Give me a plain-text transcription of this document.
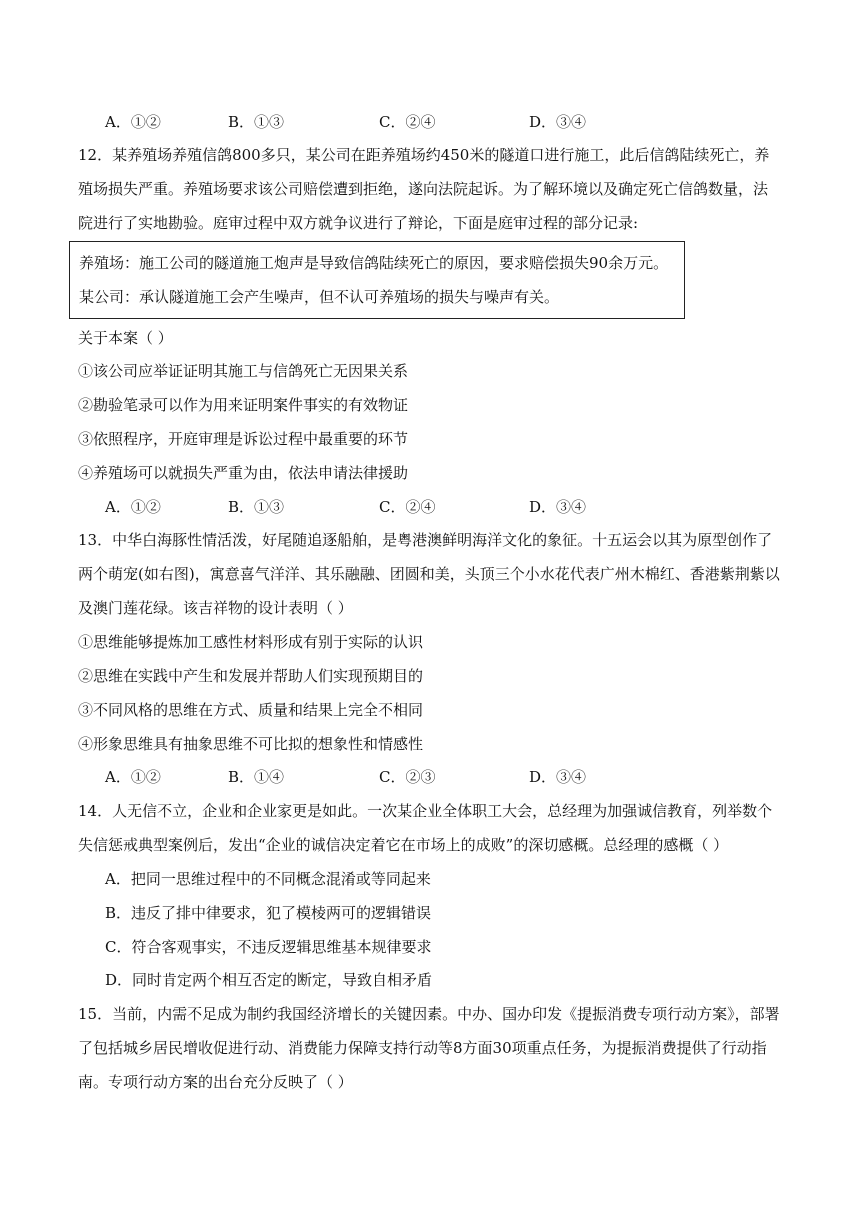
A．①②	B．①③	C．②④	D．③④
12．某养殖场养殖信鸽800多只，某公司在距养殖场约450米的隧道口进行施工，此后信鸽陆续死亡，养
殖场损失严重。养殖场要求该公司赔偿遭到拒绝，遂向法院起诉。为了解环境以及确定死亡信鸽数量，法
院进行了实地勘验。庭审过程中双方就争议进行了辩论，下面是庭审过程的部分记录:
养殖场：施工公司的隧道施工炮声是导致信鸽陆续死亡的原因，要求赔偿损失90余万元。
某公司：承认隧道施工会产生噪声，但不认可养殖场的损失与噪声有关。
关于本案（ ）
①该公司应举证证明其施工与信鸽死亡无因果关系
②勘验笔录可以作为用来证明案件事实的有效物证
③依照程序，开庭审理是诉讼过程中最重要的环节
④养殖场可以就损失严重为由，依法申请法律援助
A．①②	B．①③	C．②④	D．③④
13．中华白海豚性情活泼，好尾随追逐船舶，是粤港澳鲜明海洋文化的象征。十五运会以其为原型创作了
两个萌宠(如右图)，寓意喜气洋洋、其乐融融、团圆和美，头顶三个小水花代表广州木棉红、香港紫荆紫以
及澳门莲花绿。该吉祥物的设计表明（ ）
①思维能够提炼加工感性材料形成有别于实际的认识
②思维在实践中产生和发展并帮助人们实现预期目的
③不同风格的思维在方式、质量和结果上完全不相同
④形象思维具有抽象思维不可比拟的想象性和情感性
A．①②	B．①④	C．②③	D．③④
14．人无信不立，企业和企业家更是如此。一次某企业全体职工大会，总经理为加强诚信教育，列举数个
失信惩戒典型案例后，发出“企业的诚信决定着它在市场上的成败”的深切感概。总经理的感概（ ）
A．把同一思维过程中的不同概念混淆或等同起来
B．违反了排中律要求，犯了模棱两可的逻辑错误
C．符合客观事实，不违反逻辑思维基本规律要求
D．同时肯定两个相互否定的断定，导致自相矛盾
15．当前，内需不足成为制约我国经济增长的关键因素。中办、国办印发《提振消费专项行动方案》，部署
了包括城乡居民增收促进行动、消费能力保障支持行动等8方面30项重点任务，为提振消费提供了行动指
南。专项行动方案的出台充分反映了（ ）
